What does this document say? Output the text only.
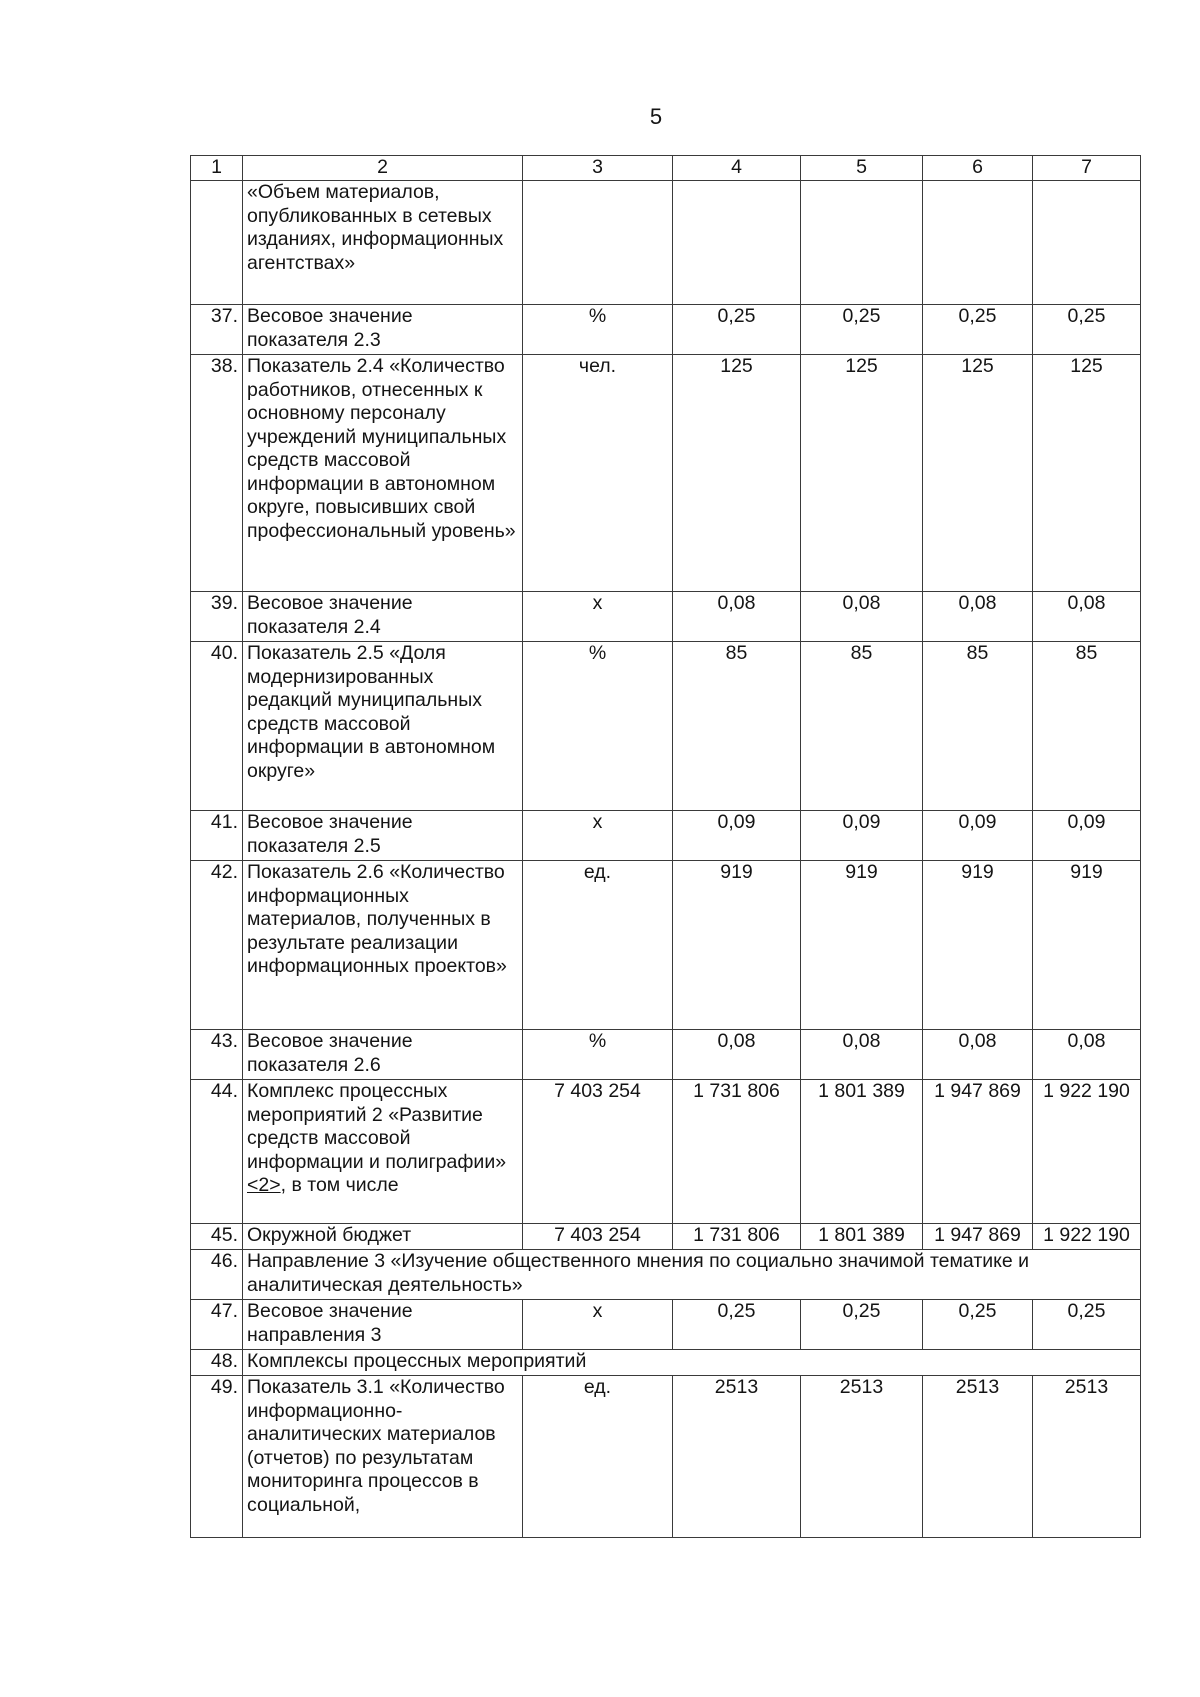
5
1	2	3	4	5	6	7
	«Объем материалов, опубликованных в сетевых изданиях, информационных агентствах»					
37.	Весовое значение показателя 2.3	%	0,25	0,25	0,25	0,25
38.	Показатель 2.4 «Количество работников, отнесенных к основному персоналу учреждений муниципальных средств массовой информации в автономном округе, повысивших свой профессиональный уровень»	чел.	125	125	125	125
39.	Весовое значение показателя 2.4	х	0,08	0,08	0,08	0,08
40.	Показатель 2.5 «Доля модернизированных редакций муниципальных средств массовой информации в автономном округе»	%	85	85	85	85
41.	Весовое значение показателя 2.5	х	0,09	0,09	0,09	0,09
42.	Показатель 2.6 «Количество информационных материалов, полученных в результате реализации информационных проектов»	ед.	919	919	919	919
43.	Весовое значение показателя 2.6	%	0,08	0,08	0,08	0,08
44.	Комплекс процессных мероприятий 2 «Развитие средств массовой информации и полиграфии» <2>, в том числе	7 403 254	1 731 806	1 801 389	1 947 869	1 922 190
45.	Окружной бюджет	7 403 254	1 731 806	1 801 389	1 947 869	1 922 190
46.	Направление 3 «Изучение общественного мнения по социально значимой тематике и аналитическая деятельность»					
47.	Весовое значение направления 3	х	0,25	0,25	0,25	0,25
48.	Комплексы процессных мероприятий					
49.	Показатель 3.1 «Количество информационно-аналитических материалов (отчетов) по результатам мониторинга процессов в социальной,	ед.	2513	2513	2513	2513
